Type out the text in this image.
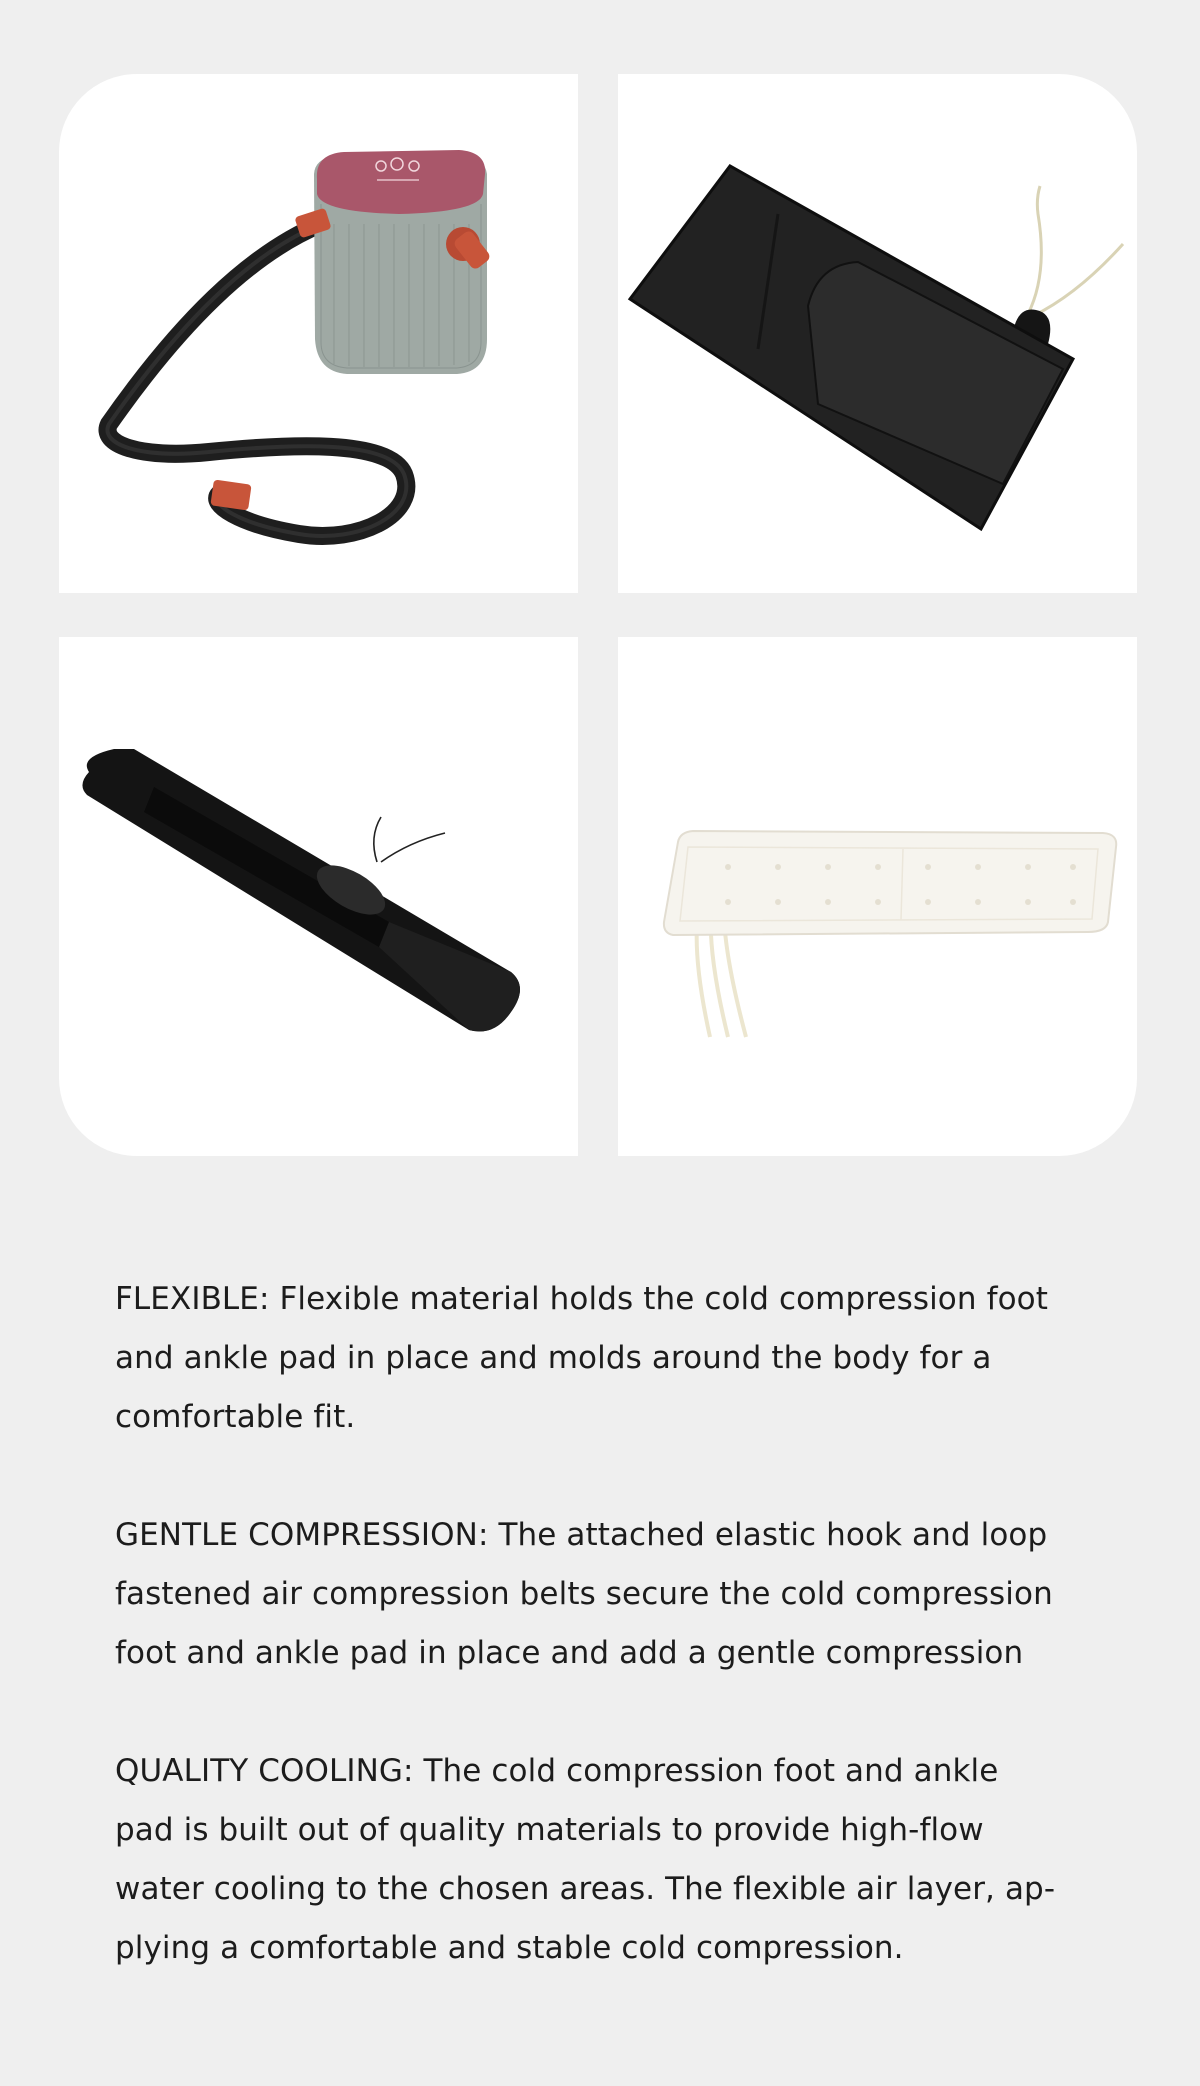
FLEXIBLE: Flexible material holds the cold compression foot
and ankle pad in place and molds around the body for a
comfortable fit.

GENTLE COMPRESSION: The attached elastic hook and loop
fastened air compression belts secure the cold compression
foot and ankle pad in place and add a gentle compression

QUALITY COOLING: The cold compression foot and ankle
pad is built out of quality materials to provide high-flow
water cooling to the chosen areas. The flexible air layer, ap-
plying a comfortable and stable cold compression.
